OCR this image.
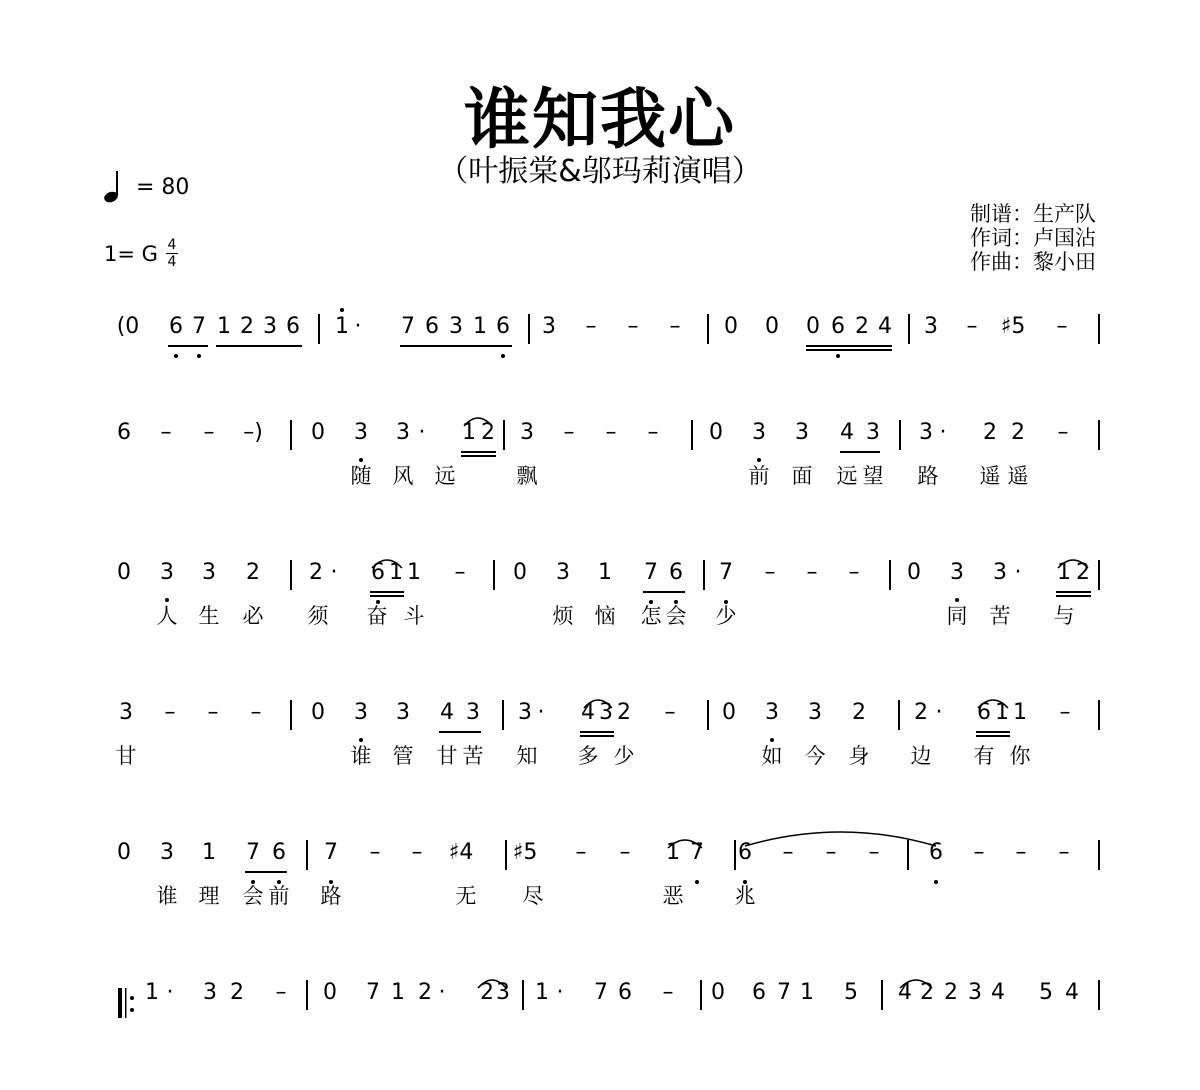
谁知我心
（叶振棠&邬玛莉演唱）
= 80
1= G $\frac{4}{4}$
制谱：生产队
作词：卢国沾
作曲：黎小田
(0	6 7 1 2 3 6 1 ·	7 6 3 1 6 3 – – – 0 0 0 6 2 4 3 –	♯5	–
6 – –	–)	0 3 3 ·	1 2 3 – – – 0 3 3 4 3 3 ·	2 2 –
随 风 远	飘	前 面 远 望 路 遥 遥
0 3 3 2 2 ·	6 1 1 – 0 3 1 7 6 7 – – – 0 3 3 ·	1 2
人 生 必 须 奋 斗	烦 恼 怎 会 少	同 苦 与
3 – – – 0 3 3 4 3 3 ·	4 3 2 – 0 3 3 2 2 ·	6 1 1 –
甘	谁 管 甘 苦 知 多 少	如 今 身 边 有 你
0 3 1 7 6 7 – –	♯4	♯5	– – 1 7 6 – – – 6 – – –
谁 理 会 前 路	无 尽	恶 兆
1 ·	3 2 – 0 7 1 2 ·	2 3 1 ·	7 6 – 0 6 7 1 5 4 2 2 3 4 5 4
